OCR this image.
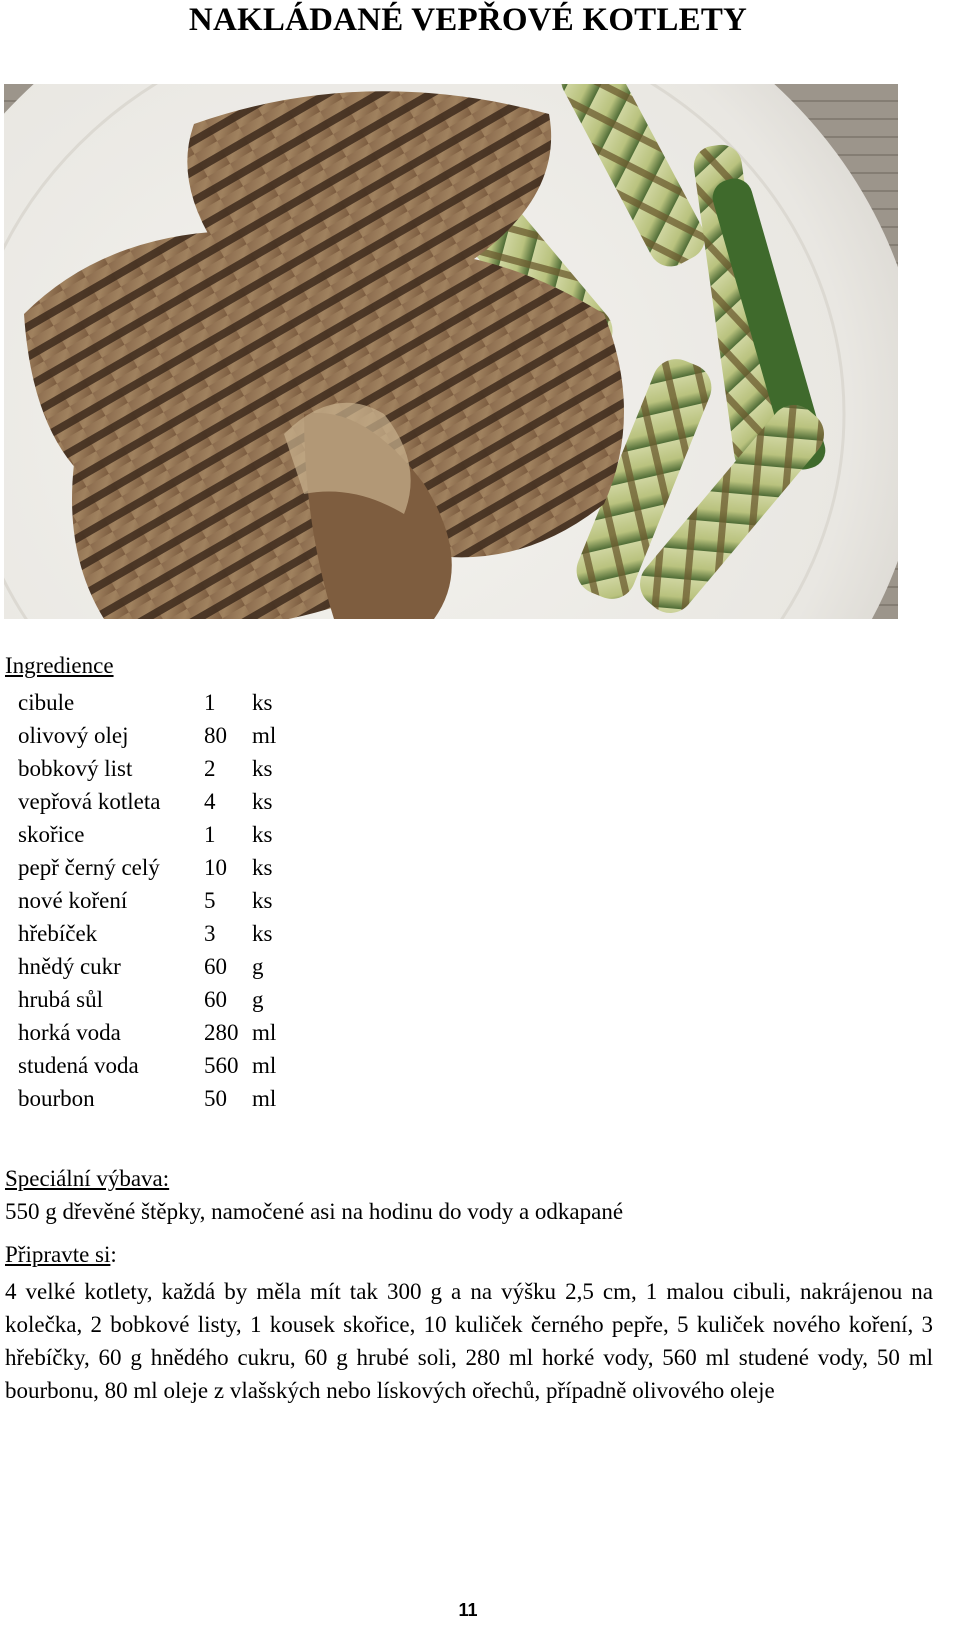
NAKLÁDANÉ VEPŘOVÉ KOTLETY
Ingredience
cibule	1	ks
olivový olej	80	ml
bobkový list	2	ks
vepřová kotleta	4	ks
skořice	1	ks
pepř černý celý	10	ks
nové koření	5	ks
hřebíček	3	ks
hnědý cukr	60	g
hrubá sůl	60	g
horká voda	280	ml
studená voda	560	ml
bourbon	50	ml
Speciální výbava:
550 g dřevěné štěpky, namočené asi na hodinu do vody a odkapané
Připravte si:
4 velké kotlety, každá by měla mít tak 300 g a na výšku 2,5 cm, 1 malou cibuli, nakrájenou na kolečka, 2 bobkové listy, 1 kousek skořice, 10 kuliček černého pepře, 5 kuliček nového koření, 3 hřebíčky, 60 g hnědého cukru, 60 g hrubé soli, 280 ml horké vody, 560 ml studené vody, 50 ml bourbonu, 80 ml oleje z vlašských nebo lískových ořechů, případně olivového oleje
11
